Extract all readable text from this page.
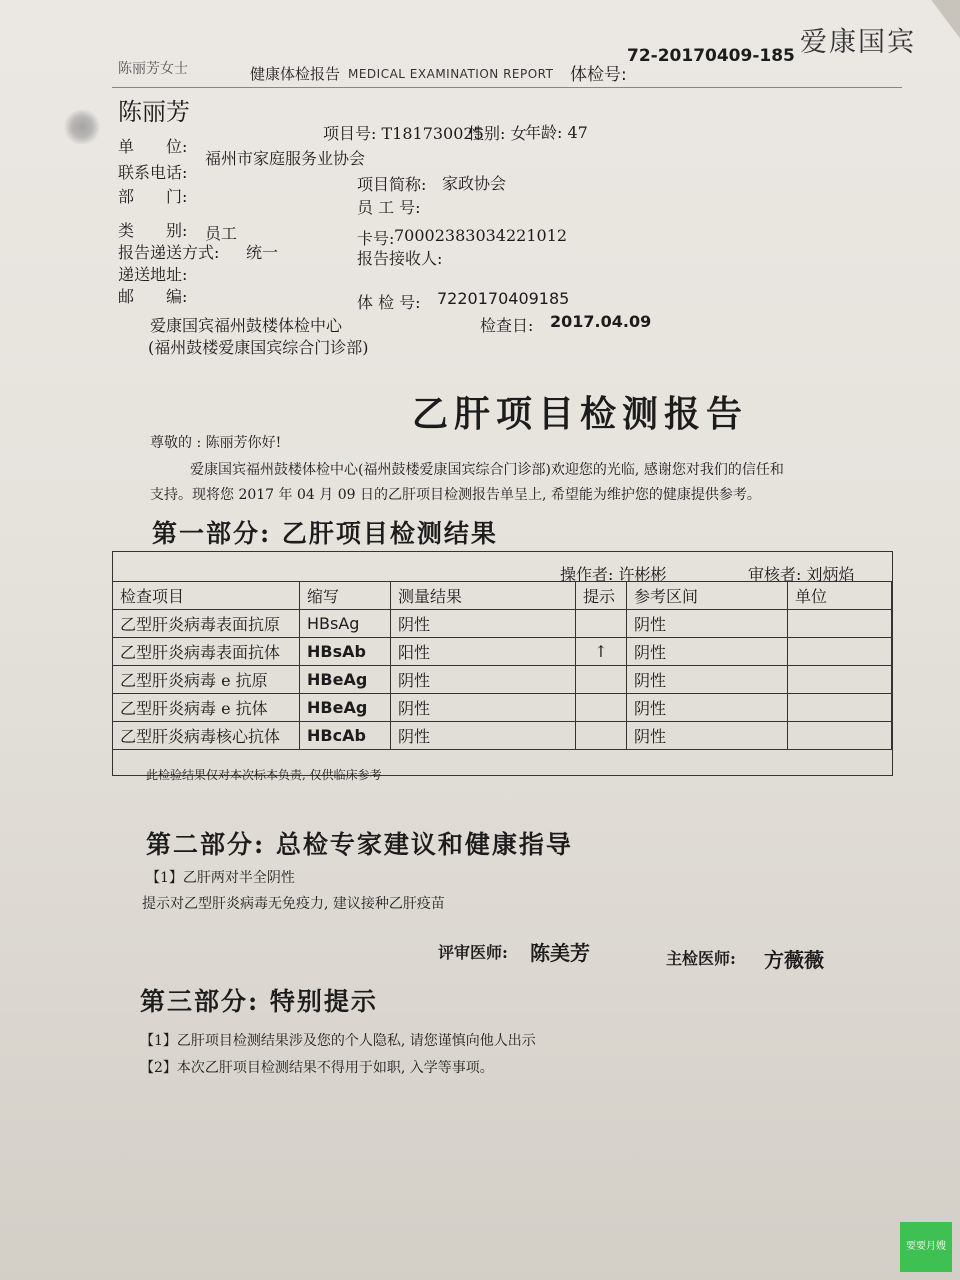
陈丽芳女士	健康体检报告 MEDICAL EXAMINATION REPORT 体检号:
72-20170409-185 爱康国宾
陈丽芳
项目号: T181730025
性别: 女
年龄: 47
单　　位:
福州市家庭服务业协会
联系电话:
部　　门:
项目简称: 家政协会
员 工 号:
类　　别: 员工	卡号: 70002383034221012
报告递送方式: 统一	报告接收人:
递送地址:
邮　　编:	体 检 号: 7220170409185
爱康国宾福州鼓楼体检中心
(福州鼓楼爱康国宾综合门诊部)
检查日: 2017.04.09
乙肝项目检测报告
尊敬的 : 陈丽芳你好!
爱康国宾福州鼓楼体检中心(福州鼓楼爱康国宾综合门诊部)欢迎您的光临, 感谢您对我们的信任和
支持。现将您 2017 年 04 月 09 日的乙肝项目检测报告单呈上, 希望能为维护您的健康提供参考。
第一部分: 乙肝项目检测结果
操作者: 许彬彬	审核者: 刘炳焰
检查项目	缩写	测量结果	提示	参考区间	单位
乙型肝炎病毒表面抗原	HBsAg	阴性		阴性	
乙型肝炎病毒表面抗体	HBsAb	阳性	↑	阴性	
乙型肝炎病毒 e 抗原	HBeAg	阴性		阴性	
乙型肝炎病毒 e 抗体	HBeAg	阴性		阴性	
乙型肝炎病毒核心抗体	HBcAb	阴性		阴性	
此检验结果仅对本次标本负责, 仅供临床参考
第二部分: 总检专家建议和健康指导
【1】乙肝两对半全阴性
提示对乙型肝炎病毒无免疫力, 建议接种乙肝疫苗
评审医师: 陈美芳	主检医师: 方薇薇
第三部分: 特别提示
【1】乙肝项目检测结果涉及您的个人隐私, 请您谨慎向他人出示
【2】本次乙肝项目检测结果不得用于如职, 入学等事项。
要要月嫂
